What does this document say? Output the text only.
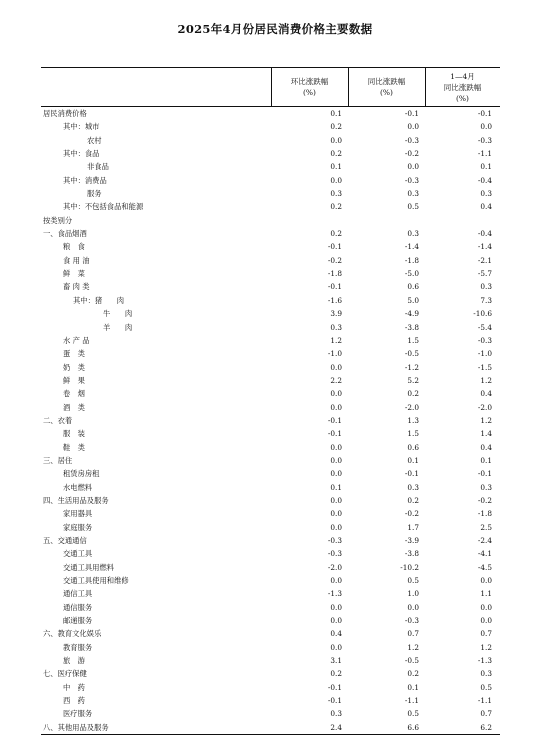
2025年4月份居民消费价格主要数据
环比涨跌幅
(%)
同比涨跌幅
(%)
1—4月
同比涨跌幅
(%)
居民消费价格	0.1	-0.1	-0.1
其中：城市	0.2	0.0	0.0
农村	0.0	-0.3	-0.3
其中：食品	0.2	-0.2	-1.1
非食品	0.1	0.0	0.1
其中：消费品	0.0	-0.3	-0.4
服务	0.3	0.3	0.3
其中：不包括食品和能源	0.2	0.5	0.4
按类别分
一、食品烟酒	0.2	0.3	-0.4
粮　食	-0.1	-1.4	-1.4
食 用 油	-0.2	-1.8	-2.1
鲜　菜	-1.8	-5.0	-5.7
畜 肉 类	-0.1	0.6	0.3
其中：猪　　肉	-1.6	5.0	7.3
牛　　肉	3.9	-4.9	-10.6
羊　　肉	0.3	-3.8	-5.4
水 产 品	1.2	1.5	-0.3
蛋　类	-1.0	-0.5	-1.0
奶　类	0.0	-1.2	-1.5
鲜　果	2.2	5.2	1.2
卷　烟	0.0	0.2	0.4
酒　类	0.0	-2.0	-2.0
二、衣着	-0.1	1.3	1.2
服　装	-0.1	1.5	1.4
鞋　类	0.0	0.6	0.4
三、居住	0.0	0.1	0.1
租赁房房租	0.0	-0.1	-0.1
水电燃料	0.1	0.3	0.3
四、生活用品及服务	0.0	0.2	-0.2
家用器具	0.0	-0.2	-1.8
家庭服务	0.0	1.7	2.5
五、交通通信	-0.3	-3.9	-2.4
交通工具	-0.3	-3.8	-4.1
交通工具用燃料	-2.0	-10.2	-4.5
交通工具使用和维修	0.0	0.5	0.0
通信工具	-1.3	1.0	1.1
通信服务	0.0	0.0	0.0
邮递服务	0.0	-0.3	0.0
六、教育文化娱乐	0.4	0.7	0.7
教育服务	0.0	1.2	1.2
旅　游	3.1	-0.5	-1.3
七、医疗保健	0.2	0.2	0.3
中　药	-0.1	0.1	0.5
西　药	-0.1	-1.1	-1.1
医疗服务	0.3	0.5	0.7
八、其他用品及服务	2.4	6.6	6.2
